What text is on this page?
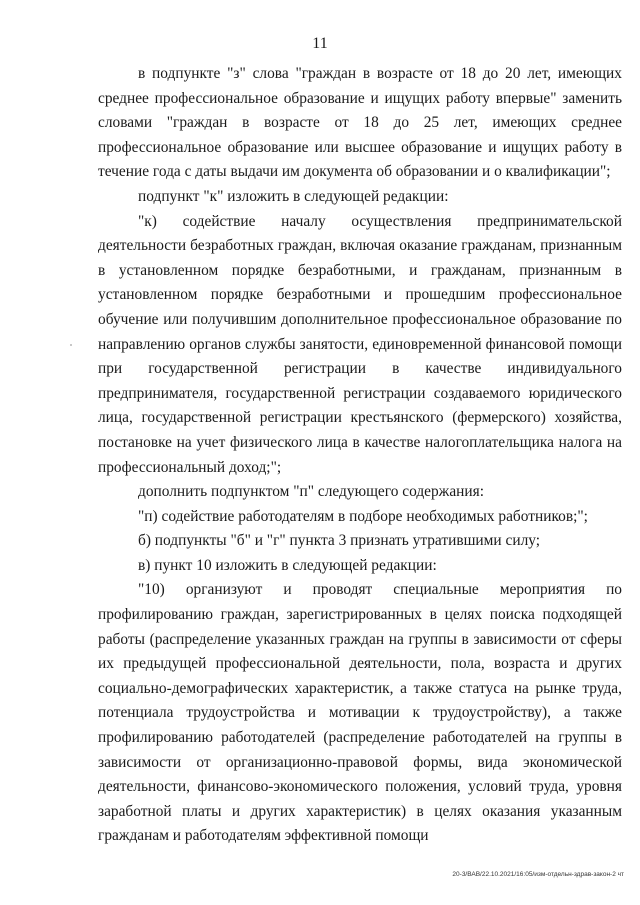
11

в подпункте "з" слова "граждан в возрасте от 18 до 20 лет, имеющих среднее профессиональное образование и ищущих работу впервые" заменить словами "граждан в возрасте от 18 до 25 лет, имеющих среднее профессиональное образование или высшее образование и ищущих работу в течение года с даты выдачи им документа об образовании и о квалификации";

подпункт "к" изложить в следующей редакции:

"к) содействие началу осуществления предпринимательской деятельности безработных граждан, включая оказание гражданам, признанным в установленном порядке безработными, и гражданам, признанным в установленном порядке безработными и прошедшим профессиональное обучение или получившим дополнительное профессиональное образование по направлению органов службы занятости, единовременной финансовой помощи при государственной регистрации в качестве индивидуального предпринимателя, государственной регистрации создаваемого юридического лица, государственной регистрации крестьянского (фермерского) хозяйства, постановке на учет физического лица в качестве налогоплательщика налога на профессиональный доход;";

дополнить подпунктом "п" следующего содержания:

"п) содействие работодателям в подборе необходимых работников;";

б) подпункты "б" и "г" пункта 3 признать утратившими силу;

в) пункт 10 изложить в следующей редакции:

"10) организуют и проводят специальные мероприятия по профилированию граждан, зарегистрированных в целях поиска подходящей работы (распределение указанных граждан на группы в зависимости от сферы их предыдущей профессиональной деятельности, пола, возраста и других социально-демографических характеристик, а также статуса на рынке труда, потенциала трудоустройства и мотивации к трудоустройству), а также профилированию работодателей (распределение работодателей на группы в зависимости от организационно-правовой формы, вида экономической деятельности, финансово-экономического положения, условий труда, уровня заработной платы и других характеристик) в целях оказания указанным гражданам и работодателям эффективной помощи

20-3/ВАВ/22.10.2021/16:05/изм-отдельн-здрав-закон-2 чт
